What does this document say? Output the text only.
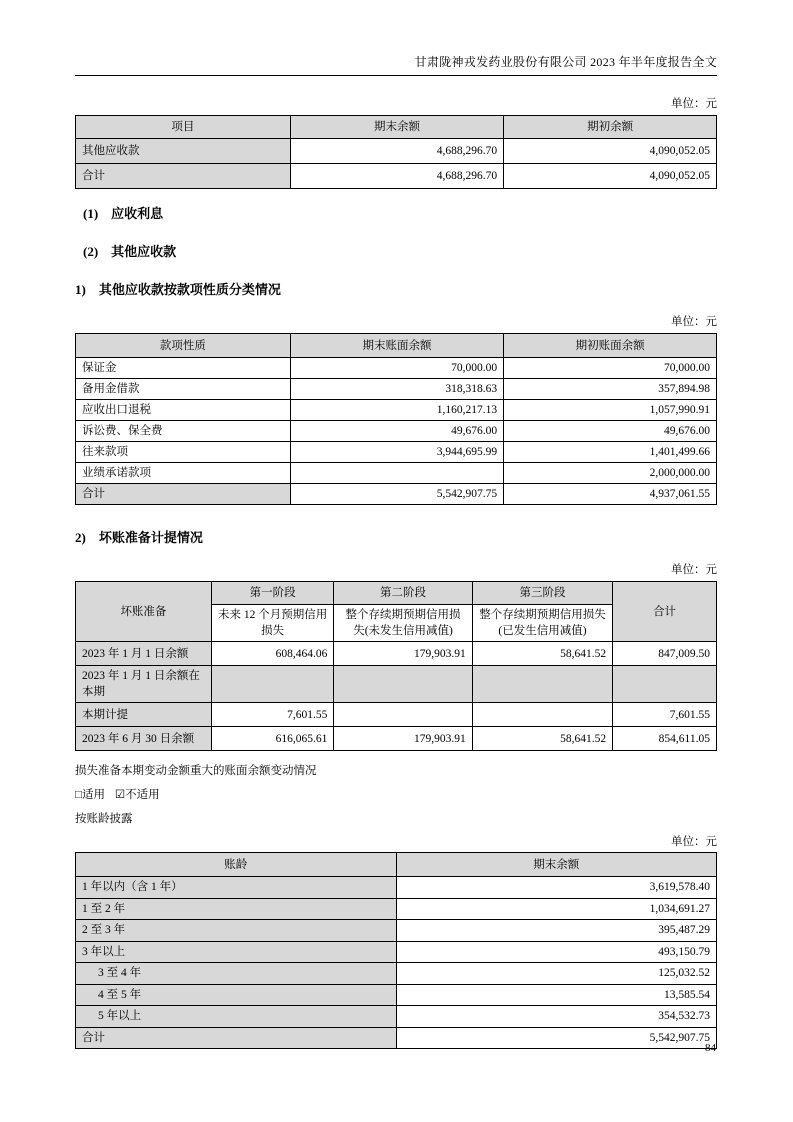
甘肃陇神戎发药业股份有限公司 2023 年半年度报告全文
单位：元
项目	期末余额	期初余额
其他应收款	4,688,296.70	4,090,052.05
合计	4,688,296.70	4,090,052.05
(1) 应收利息
(2) 其他应收款
1) 其他应收款按款项性质分类情况
单位：元
款项性质	期末账面余额	期初账面余额
保证金	70,000.00	70,000.00
备用金借款	318,318.63	357,894.98
应收出口退税	1,160,217.13	1,057,990.91
诉讼费、保全费	49,676.00	49,676.00
往来款项	3,944,695.99	1,401,499.66
业绩承诺款项		2,000,000.00
合计	5,542,907.75	4,937,061.55
2) 坏账准备计提情况
单位：元
坏账准备	第一阶段	第二阶段	第三阶段	合计
	未来 12 个月预期信用损失	整个存续期预期信用损失(未发生信用减值)	整个存续期预期信用损失(已发生信用减值)	
2023 年 1 月 1 日余额	608,464.06	179,903.91	58,641.52	847,009.50
2023 年 1 月 1 日余额在本期				
本期计提	7,601.55			7,601.55
2023 年 6 月 30 日余额	616,065.61	179,903.91	58,641.52	854,611.05
损失准备本期变动金额重大的账面余额变动情况
□适用 ☑不适用
按账龄披露
单位：元
账龄	期末余额
1 年以内（含 1 年）	3,619,578.40
1 至 2 年	1,034,691.27
2 至 3 年	395,487.29
3 年以上	493,150.79
3 至 4 年	125,032.52
4 至 5 年	13,585.54
5 年以上	354,532.73
合计	5,542,907.75
84
